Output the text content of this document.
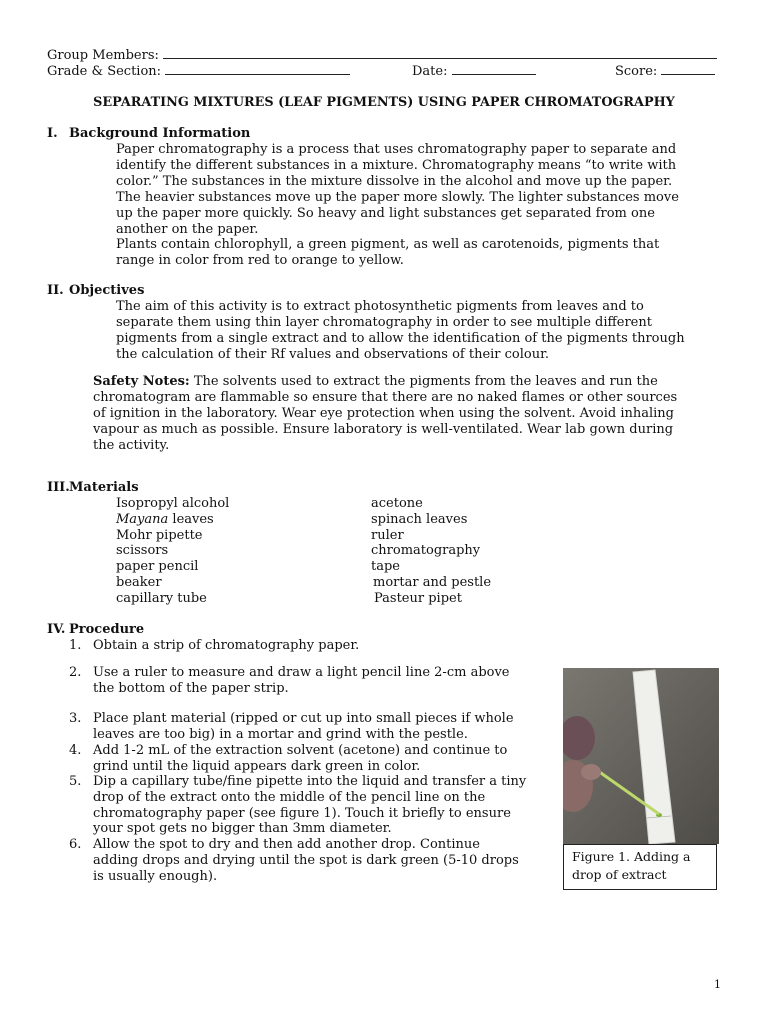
Group Members:
Grade & Section:	Date:	Score:
SEPARATING MIXTURES (LEAF PIGMENTS) USING PAPER CHROMATOGRAPHY
I. Background Information
Paper chromatography is a process that uses chromatography paper to separate and
identify the different substances in a mixture. Chromatography means “to write with
color.” The substances in the mixture dissolve in the alcohol and move up the paper.
The heavier substances move up the paper more slowly. The lighter substances move
up the paper more quickly. So heavy and light substances get separated from one
another on the paper.
Plants contain chlorophyll, a green pigment, as well as carotenoids, pigments that
range in color from red to orange to yellow.
II. Objectives
The aim of this activity is to extract photosynthetic pigments from leaves and to
separate them using thin layer chromatography in order to see multiple different
pigments from a single extract and to allow the identification of the pigments through
the calculation of their Rf values and observations of their colour.
Safety Notes: The solvents used to extract the pigments from the leaves and run the
chromatogram are flammable so ensure that there are no naked flames or other sources
of ignition in the laboratory. Wear eye protection when using the solvent. Avoid inhaling
vapour as much as possible. Ensure laboratory is well-ventilated. Wear lab gown during
the activity.
III. Materials
Isopropyl alcohol
Mayana leaves
Mohr pipette
scissors
paper pencil
beaker
capillary tube
acetone
spinach leaves
ruler
chromatography
tape
mortar and pestle
Pasteur pipet
IV. Procedure
1. Obtain a strip of chromatography paper.
2. Use a ruler to measure and draw a light pencil line 2-cm above
the bottom of the paper strip.
3. Place plant material (ripped or cut up into small pieces if whole
leaves are too big) in a mortar and grind with the pestle.
4. Add 1-2 mL of the extraction solvent (acetone) and continue to
grind until the liquid appears dark green in color.
5. Dip a capillary tube/fine pipette into the liquid and transfer a tiny
drop of the extract onto the middle of the pencil line on the
chromatography paper (see figure 1). Touch it briefly to ensure
your spot gets no bigger than 3mm diameter.
6. Allow the spot to dry and then add another drop. Continue
adding drops and drying until the spot is dark green (5-10 drops
is usually enough).
Figure 1. Adding a
drop of extract
1
